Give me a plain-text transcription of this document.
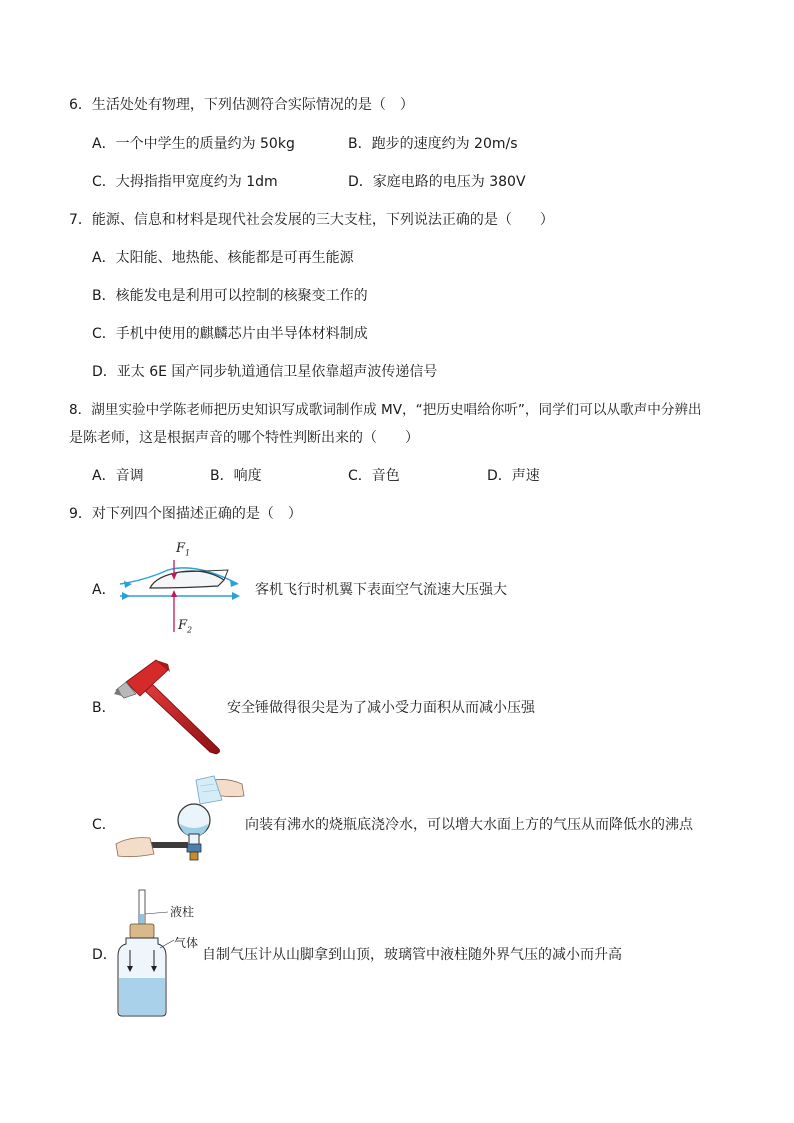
6．生活处处有物理，下列估测符合实际情况的是（　）
A．一个中学生的质量约为 50kg	B．跑步的速度约为 20m/s
C．大拇指指甲宽度约为 1dm	D．家庭电路的电压为 380V
7．能源、信息和材料是现代社会发展的三大支柱，下列说法正确的是（　　）
A．太阳能、地热能、核能都是可再生能源
B．核能发电是利用可以控制的核聚变工作的
C．手机中使用的麒麟芯片由半导体材料制成
D．亚太 6E 国产同步轨道通信卫星依靠超声波传递信号
8．湖里实验中学陈老师把历史知识写成歌词制作成 MV，“把历史唱给你听”，同学们可以从歌声中分辨出
是陈老师，这是根据声音的哪个特性判断出来的（　　）
A．音调	B．响度	C．音色	D．声速
9．对下列四个图描述正确的是（　）
A．
$F_1$
$F_2$
客机飞行时机翼下表面空气流速大压强大
B．	安全锤做得很尖是为了减小受力面积从而减小压强
C．	向装有沸水的烧瓶底浇冷水，可以增大水面上方的气压从而降低水的沸点
D．
液柱
气体
自制气压计从山脚拿到山顶，玻璃管中液柱随外界气压的减小而升高
